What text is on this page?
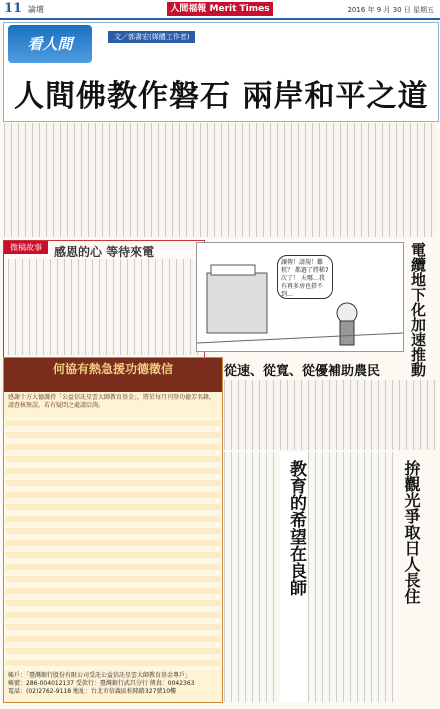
11 論壇	人間福報 Merit Times	2016 年 9 月 30 日 星期五
看人間	文／郭書宏(媒體工作者)
人間佛教作磐石 兩岸和平之道
微稿故事	感恩的心 等待來電
讓傳！請規！難租？ 都過了將稀7次了！ 天哪…我有再多房也搭不到…	電纜地下化加速推動
從速、從寬、從優補助農民
教育的希望在良師	拚觀光爭取日人長住
何協有熱急援功德徵信
感謝十方大德護持「公益信託星雲大師教育基金」，將於每月刊登功德芳名錄，請查核無誤，若有疑問之處請洽詢。
帳戶：「臺灣銀行股份有限公司受託公益信託星雲大師教育基金專戶」
帳號：286-004012137 受款行：臺灣銀行武昌分行 傳真：0042363
電話：(02)2762-9118 地址：台北市信義區松隆路327號10樓
